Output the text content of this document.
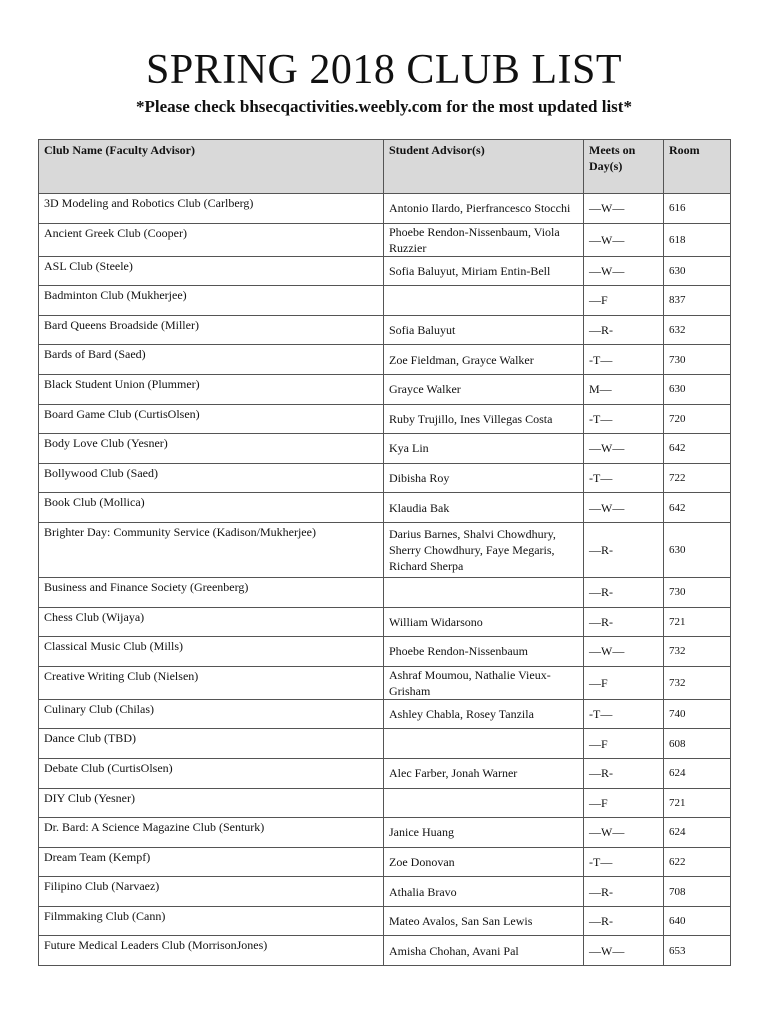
SPRING 2018 CLUB LIST

*Please check bhsecqactivities.weebly.com for the most updated list*

Club Name (Faculty Advisor)	Student Advisor(s)	Meets on Day(s)	Room
3D Modeling and Robotics Club (Carlberg)	Antonio Ilardo, Pierfrancesco Stocchi	—W—	616
Ancient Greek Club (Cooper)	Phoebe Rendon-Nissenbaum, Viola Ruzzier	—W—	618
ASL Club (Steele)	Sofia Baluyut, Miriam Entin-Bell	—W—	630
Badminton Club (Mukherjee)		—F	837
Bard Queens Broadside (Miller)	Sofia Baluyut	—R-	632
Bards of Bard (Saed)	Zoe Fieldman, Grayce Walker	-T—	730
Black Student Union (Plummer)	Grayce Walker	M—	630
Board Game Club (CurtisOlsen)	Ruby Trujillo, Ines Villegas Costa	-T—	720
Body Love Club (Yesner)	Kya Lin	—W—	642
Bollywood Club (Saed)	Dibisha Roy	-T—	722
Book Club (Mollica)	Klaudia Bak	—W—	642
Brighter Day: Community Service (Kadison/Mukherjee)	Darius Barnes, Shalvi Chowdhury, Sherry Chowdhury, Faye Megaris, Richard Sherpa	—R-	630
Business and Finance Society (Greenberg)		—R-	730
Chess Club (Wijaya)	William Widarsono	—R-	721
Classical Music Club (Mills)	Phoebe Rendon-Nissenbaum	—W—	732
Creative Writing Club (Nielsen)	Ashraf Moumou, Nathalie Vieux-Grisham	—F	732
Culinary Club (Chilas)	Ashley Chabla, Rosey Tanzila	-T—	740
Dance Club (TBD)		—F	608
Debate Club (CurtisOlsen)	Alec Farber, Jonah Warner	—R-	624
DIY Club (Yesner)		—F	721
Dr. Bard: A Science Magazine Club (Senturk)	Janice Huang	—W—	624
Dream Team (Kempf)	Zoe Donovan	-T—	622
Filipino Club (Narvaez)	Athalia Bravo	—R-	708
Filmmaking Club (Cann)	Mateo Avalos, San San Lewis	—R-	640
Future Medical Leaders Club (MorrisonJones)	Amisha Chohan, Avani Pal	—W—	653
